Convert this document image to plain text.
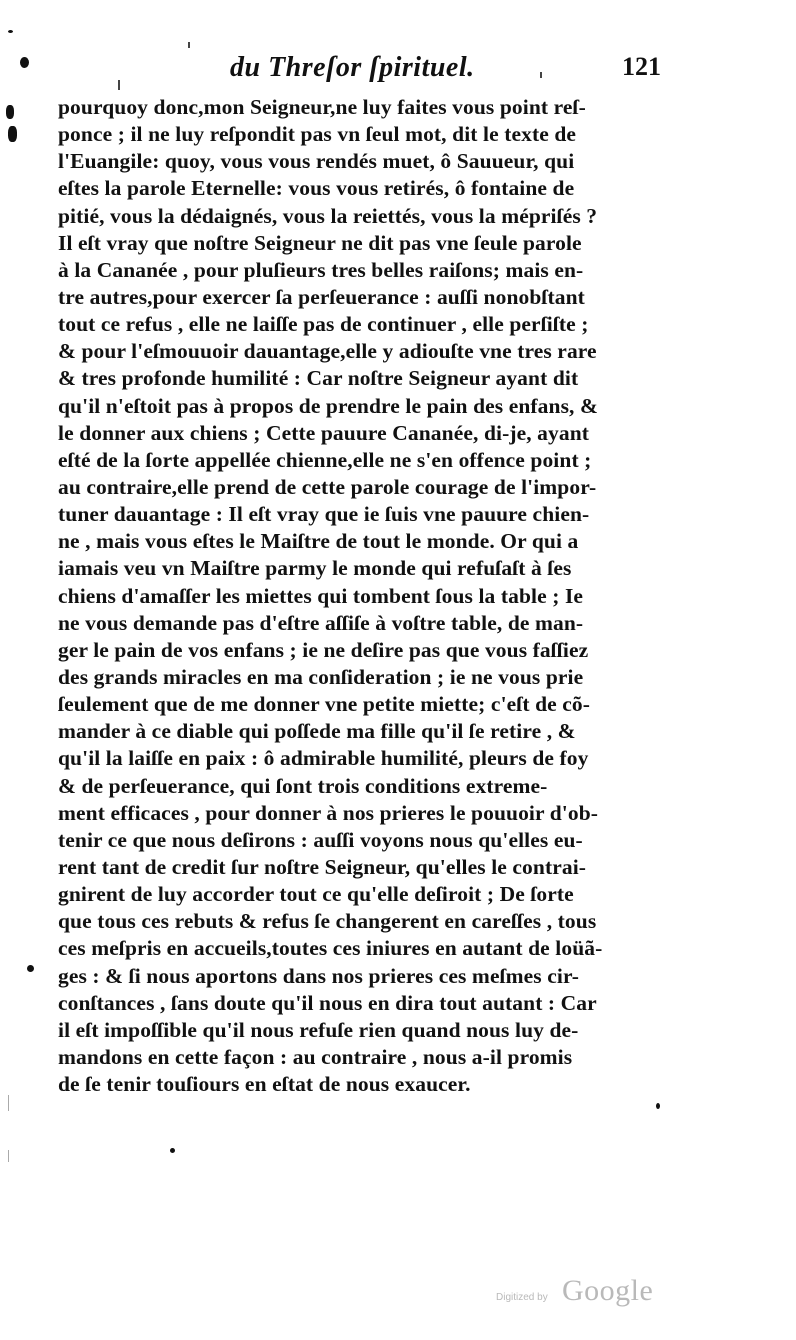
du Threſor ſpirituel.	121
pourquoy donc,mon Seigneur,ne luy faites vous point reſ-
ponce ; il ne luy reſpondit pas vn ſeul mot, dit le texte de
l'Euangile: quoy, vous vous rendés muet, ô Sauueur, qui
eſtes la parole Eternelle: vous vous retirés, ô fontaine de
pitié, vous la dédaignés, vous la reiettés, vous la mépriſés ?
Il eſt vray que noſtre Seigneur ne dit pas vne ſeule parole
à la Cananée , pour pluſieurs tres belles raiſons; mais en-
tre autres,pour exercer ſa perſeuerance : auſſi nonobſtant
tout ce refus , elle ne laiſſe pas de continuer , elle perſiſte ;
& pour l'eſmouuoir dauantage,elle y adiouſte vne tres rare
& tres profonde humilité : Car noſtre Seigneur ayant dit
qu'il n'eſtoit pas à propos de prendre le pain des enfans, &
le donner aux chiens ; Cette pauure Cananée, di-je, ayant
eſté de la ſorte appellée chienne,elle ne s'en offence point ;
au contraire,elle prend de cette parole courage de l'impor-
tuner dauantage : Il eſt vray que ie ſuis vne pauure chien-
ne , mais vous eſtes le Maiſtre de tout le monde. Or qui a
iamais veu vn Maiſtre parmy le monde qui refuſaſt à ſes
chiens d'amaſſer les miettes qui tombent ſous la table ; Ie
ne vous demande pas d'eſtre aſſiſe à voſtre table, de man-
ger le pain de vos enfans ; ie ne deſire pas que vous faſſiez
des grands miracles en ma conſideration ; ie ne vous prie
ſeulement que de me donner vne petite miette; c'eſt de cõ-
mander à ce diable qui poſſede ma fille qu'il ſe retire , &
qu'il la laiſſe en paix : ô admirable humilité, pleurs de foy
& de perſeuerance, qui ſont trois conditions extreme-
ment efficaces , pour donner à nos prieres le pouuoir d'ob-
tenir ce que nous deſirons : auſſi voyons nous qu'elles eu-
rent tant de credit ſur noſtre Seigneur, qu'elles le contrai-
gnirent de luy accorder tout ce qu'elle deſiroit ; De ſorte
que tous ces rebuts & refus ſe changerent en careſſes , tous
ces meſpris en accueils,toutes ces iniures en autant de loüã-
ges : & ſi nous aportons dans nos prieres ces meſmes cir-
conſtances , ſans doute qu'il nous en dira tout autant : Car
il eſt impoſſible qu'il nous refuſe rien quand nous luy de-
mandons en cette façon : au contraire , nous a-il promis
de ſe tenir touſiours en eſtat de nous exaucer.
Digitized by Google
